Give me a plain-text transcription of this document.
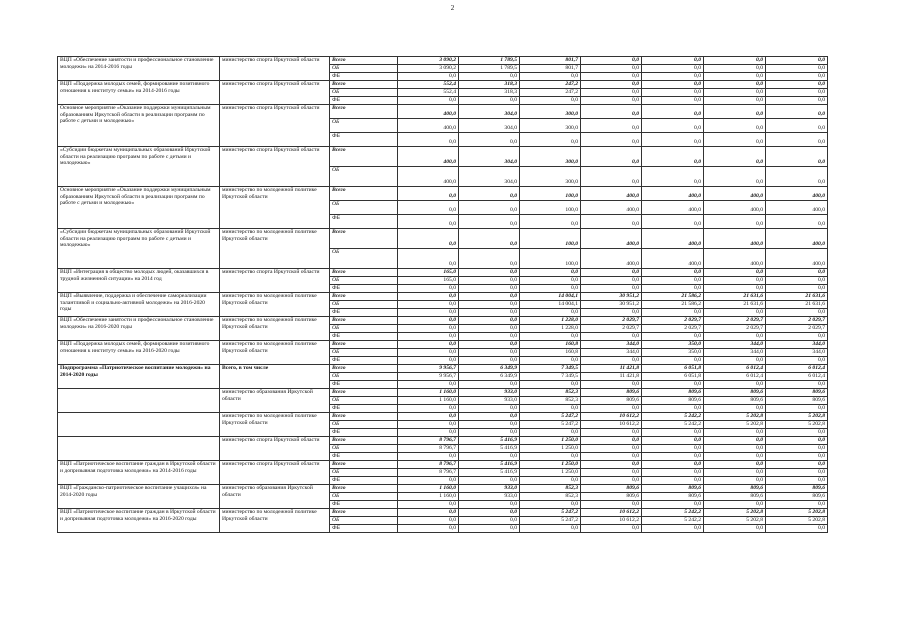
2
ВЦП «Обеспечение занятости и профессиональное становление молодежи» на 2014-2016 годы	министерство спорта Иркутской области	Всего	3 090,2	1 789,5	801,7	0,0	0,0	0,0	0,0
		ОБ	3 090,2	1 789,5	801,7	0,0	0,0	0,0	0,0
		ФБ	0,0	0,0	0,0	0,0	0,0	0,0	0,0
ВЦП «Поддержка молодых семей, формирование позитивного отношения к институту семьи» на 2014-2016 годы	министерство спорта Иркутской области	Всего	552,4	318,3	247,2	0,0	0,0	0,0	0,0
		ОБ	552,4	318,3	247,2	0,0	0,0	0,0	0,0
		ФБ	0,0	0,0	0,0	0,0	0,0	0,0	0,0
Основное мероприятие «Оказание поддержки муниципальным образованиям Иркутской области в реализации программ по работе с детьми и молодежью»	министерство спорта Иркутской области	Всего	400,0	304,0	300,0	0,0	0,0	0,0	0,0
		ОБ	400,0	304,0	300,0	0,0	0,0	0,0	0,0
		ФБ	0,0	0,0	0,0	0,0	0,0	0,0	0,0
«Субсидии бюджетам муниципальных образований Иркутской области на реализацию программ по работе с детьми и молодежью»	министерство спорта Иркутской области	Всего	400,0	304,0	300,0	0,0	0,0	0,0	0,0
		ОБ	400,0	304,0	300,0	0,0	0,0	0,0	0,0
Основное мероприятие «Оказание поддержки муниципальным образованиям Иркутской области в реализации программ по работе с детьми и молодежью»	министерство по молодежной политике Иркутской области	Всего	0,0	0,0	100,0	400,0	400,0	400,0	400,0
		ОБ	0,0	0,0	100,0	400,0	400,0	400,0	400,0
		ФБ	0,0	0,0	0,0	0,0	0,0	0,0	0,0
«Субсидии бюджетам муниципальных образований Иркутской области на реализацию программ по работе с детьми и молодежью»	министерство по молодежной политике Иркутской области	Всего	0,0	0,0	100,0	400,0	400,0	400,0	400,0
		ОБ	0,0	0,0	100,0	400,0	400,0	400,0	400,0
ВЦП «Интеграция в общество молодых людей, оказавшихся в трудной жизненной ситуации» на 2014 год	министерство спорта Иркутской области	Всего	165,0	0,0	0,0	0,0	0,0	0,0	0,0
		ОБ	165,0	0,0	0,0	0,0	0,0	0,0	0,0
		ФБ	0,0	0,0	0,0	0,0	0,0	0,0	0,0
ВЦП «Выявление, поддержка и обеспечение самореализации талантливой и социально-активной молодежи» на 2016-2020 годы	министерство по молодежной политике Иркутской области	Всего	0,0	0,0	14 004,1	30 951,2	21 586,2	21 631,6	21 631,6
		ОБ	0,0	0,0	14 004,1	30 951,2	21 586,2	21 631,6	21 631,6
		ФБ	0,0	0,0	0,0	0,0	0,0	0,0	0,0
ВЦП «Обеспечение занятости и профессиональное становление молодежи» на 2016-2020 годы	министерство по молодежной политике Иркутской области	Всего	0,0	0,0	1 228,0	2 029,7	2 029,7	2 029,7	2 029,7
		ОБ	0,0	0,0	1 228,0	2 029,7	2 029,7	2 029,7	2 029,7
		ФБ	0,0	0,0	0,0	0,0	0,0	0,0	0,0
ВЦП «Поддержка молодых семей, формирование позитивного отношения к институту семьи» на 2016-2020 годы	министерство по молодежной политике Иркутской области	Всего	0,0	0,0	160,8	344,0	350,0	344,0	344,0
		ОБ	0,0	0,0	160,8	344,0	350,0	344,0	344,0
		ФБ	0,0	0,0	0,0	0,0	0,0	0,0	0,0
Подпрограмма «Патриотическое воспитание молодежи» на 2014-2020 годы	Всего, в том числе	Всего	9 956,7	6 349,9	7 349,5	11 421,8	6 051,8	6 012,4	6 012,4
		ОБ	9 956,7	6 349,9	7 349,5	11 421,8	6 051,8	6 012,4	6 012,4
		ФБ	0,0	0,0	0,0	0,0	0,0	0,0	0,0
	министерство образования Иркутской области	Всего	1 160,0	933,0	852,3	809,6	809,6	809,6	809,6
		ОБ	1 160,0	933,0	852,3	809,6	809,6	809,6	809,6
		ФБ	0,0	0,0	0,0	0,0	0,0	0,0	0,0
	министерство по молодежной политике Иркутской области	Всего	0,0	0,0	5 247,2	10 612,2	5 242,2	5 202,8	5 202,8
		ОБ	0,0	0,0	5 247,2	10 612,2	5 242,2	5 202,8	5 202,8
		ФБ	0,0	0,0	0,0	0,0	0,0	0,0	0,0
	министерство спорта Иркутской области	Всего	8 796,7	5 416,9	1 250,0	0,0	0,0	0,0	0,0
		ОБ	8 796,7	5 416,9	1 250,0	0,0	0,0	0,0	0,0
		ФБ	0,0	0,0	0,0	0,0	0,0	0,0	0,0
ВЦП «Патриотическое воспитание граждан в Иркутской области и допризывная подготовка молодежи» на 2014-2016 годы	министерство спорта Иркутской области	Всего	8 796,7	5 416,9	1 250,0	0,0	0,0	0,0	0,0
		ОБ	8 796,7	5 416,9	1 250,0	0,0	0,0	0,0	0,0
		ФБ	0,0	0,0	0,0	0,0	0,0	0,0	0,0
ВЦП «Гражданско-патриотическое воспитание учащихся» на 2014-2020 годы	министерство образования Иркутской области	Всего	1 160,0	933,0	852,3	809,6	809,6	809,6	809,6
		ОБ	1 160,0	933,0	852,3	809,6	809,6	809,6	809,6
		ФБ	0,0	0,0	0,0	0,0	0,0	0,0	0,0
ВЦП «Патриотическое воспитание граждан в Иркутской области и допризывная подготовка молодежи» на 2016-2020 годы	министерство по молодежной политике Иркутской области	Всего	0,0	0,0	5 247,2	10 612,2	5 242,2	5 202,8	5 202,8
		ОБ	0,0	0,0	5 247,2	10 612,2	5 242,2	5 202,8	5 202,8
		ФБ	0,0	0,0	0,0	0,0	0,0	0,0	0,0
